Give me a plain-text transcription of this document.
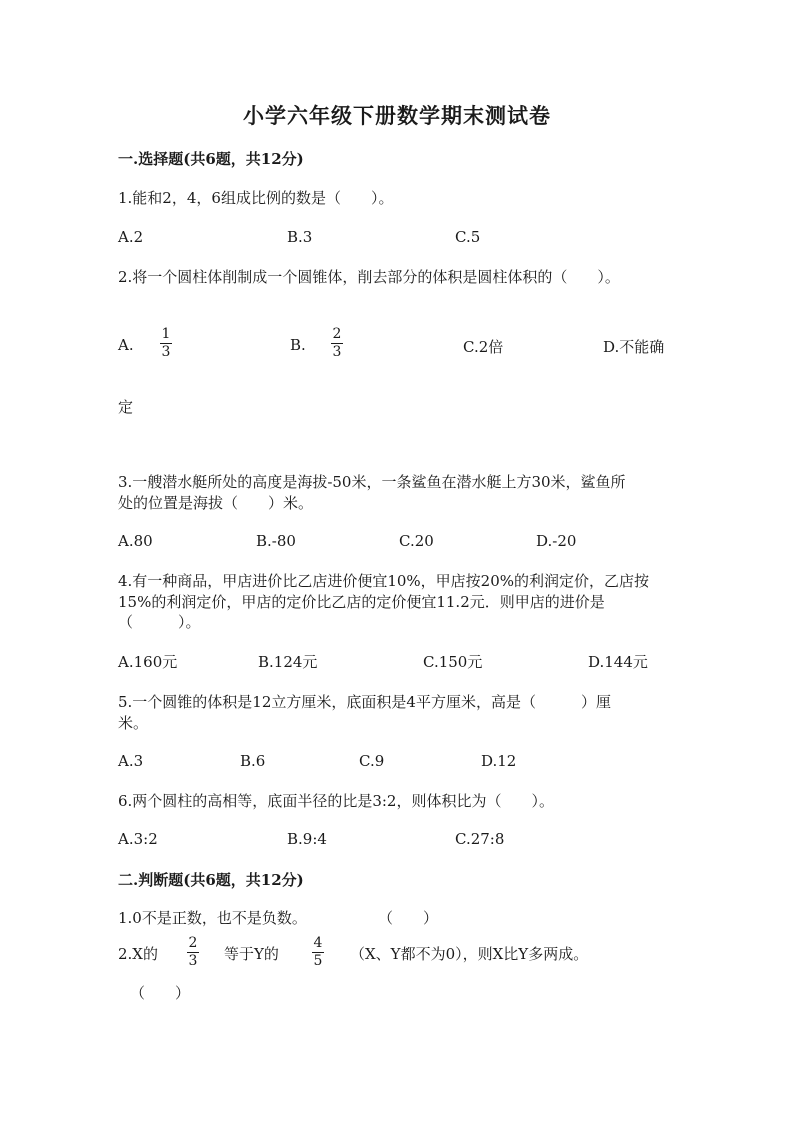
小学六年级下册数学期末测试卷
一.选择题(共6题，共12分)
1.能和2，4，6组成比例的数是（　　）。
A.2	B.3	C.5
2.将一个圆柱体削制成一个圆锥体，削去部分的体积是圆柱体积的（　　）。
A.
1
3	B.
2
3	C.2倍	D.不能确
定
3.一艘潜水艇所处的高度是海拔-50米，一条鲨鱼在潜水艇上方30米，鲨鱼所
处的位置是海拔（　　）米。
A.80	B.-80	C.20	D.-20
4.有一种商品，甲店进价比乙店进价便宜10%，甲店按20%的利润定价，乙店按
15%的利润定价，甲店的定价比乙店的定价便宜11.2元．则甲店的进价是
（　　　）。
A.160元	B.124元	C.150元	D.144元
5.一个圆锥的体积是12立方厘米，底面积是4平方厘米，高是（　　　）厘
米。
A.3	B.6	C.9	D.12
6.两个圆柱的高相等，底面半径的比是3:2，则体积比为（　　）。
A.3:2	B.9:4	C.27:8
二.判断题(共6题，共12分)
1.0不是正数，也不是负数。	（　　）
2.X的
2
3 等于Y的
4
5 （X、Y都不为0），则X比Y多两成。
（　　）
